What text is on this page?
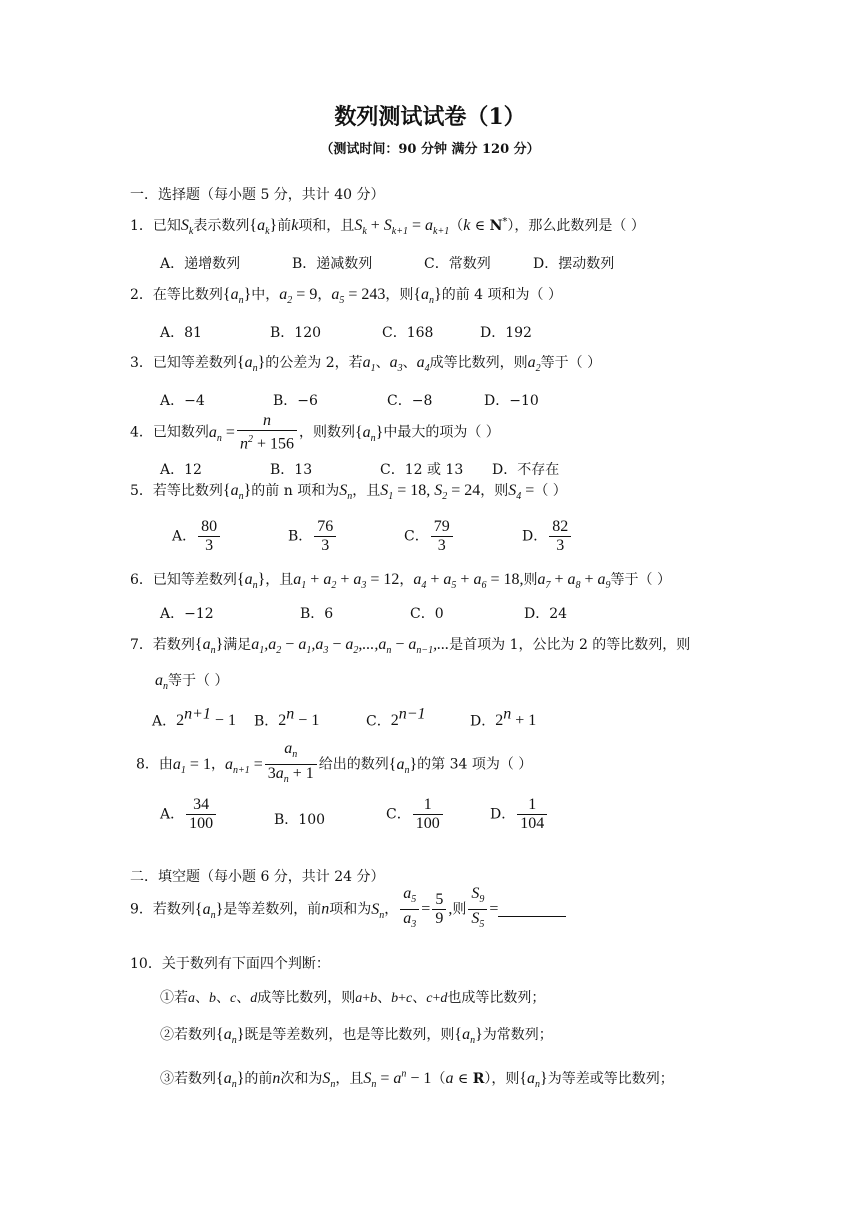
数列测试试卷（1）
（测试时间：90 分钟 满分 120 分）
一．选择题（每小题 5 分，共计 40 分）
1．已知$S_k$表示数列$\{a_k\}$前k项和，且$S_k + S_{k+1} = a_{k+1}(k$ ∈ N*），那么此数列是（ ）
A．递增数列	B．递减数列	C．常数列	D．摆动数列
2．在等比数列$\{a_n\}$中，$a_2 = 9$，$a_5 = 243$，则$\{a_n\}$的前 4 项和为（ ）
A．81	B．120	C．168	D．192
3．已知等差数列$\{a_n\}$的公差为 2，若$a_1$、$a_3$、$a_4$成等比数列，则$a_2$等于（ ）
A．−4	B．−6	C．−8	D．−10
4．已知数列$a_n = \frac{n}{n^2 + 156}$ ，则数列$\{a_n\}$中最大的项为（ ）
A．12	B．13	C．12 或 13 D．不存在
5．若等比数列$\{a_n\}$的前 n 项和为$S_n$，且$S_1 = 18$, $S_2 = 24$，则$S_4$ =（ ）
A． $\frac{80}{3}$	B． $\frac{76}{3}$	C． $\frac{79}{3}$	D． $\frac{82}{3}$
6．已知等差数列$\{a_n\}$，且$a_1 + a_2 + a_3 = 12$，$a_4 + a_5 + a_6 = 18$,则$a_7 + a_8 + a_9$等于（ ）
A．−12	B．6	C．0	D．24
7．若数列$\{a_n\}$满足$a_1,a_2 - a_1,a_3 - a_2,...,a_n - a_{n-1}$,...是首项为 1，公比为 2 的等比数列，则
$a_n$等于（ ）
A．$2^{n+1} - 1$ B．$2^n - 1$	C．$2^{n-1}$	D．$2^n + 1$
8．由$a_1 = 1$，$a_{n+1} = \frac{a_n}{3a_n + 1}$ 给出的数列$\{a_n\}$的第 34 项为（ ）
A． $\frac{34}{100}$	B．100	C． $\frac{1}{100}$	D． $\frac{1}{104}$
二．填空题（每小题 6 分，共计 24 分）
9．若数列$\{a_n\}$是等差数列，前n项和为$S_n$， $\frac{a_5}{a_3} = \frac{5}{9}$ ,则 $\frac{S_9}{S_5}$ =
10．关于数列有下面四个判断：
①若a、b、c、d成等比数列，则a+b、b+c、c+d也成等比数列；
②若数列$\{a_n\}$既是等差数列，也是等比数列，则$\{a_n\}$为常数列；
③若数列$\{a_n\}$的前n次和为$S_n$，且$S_n = a^n - 1(a$ ∈ R），则$\{a_n\}$为等差或等比数列；
